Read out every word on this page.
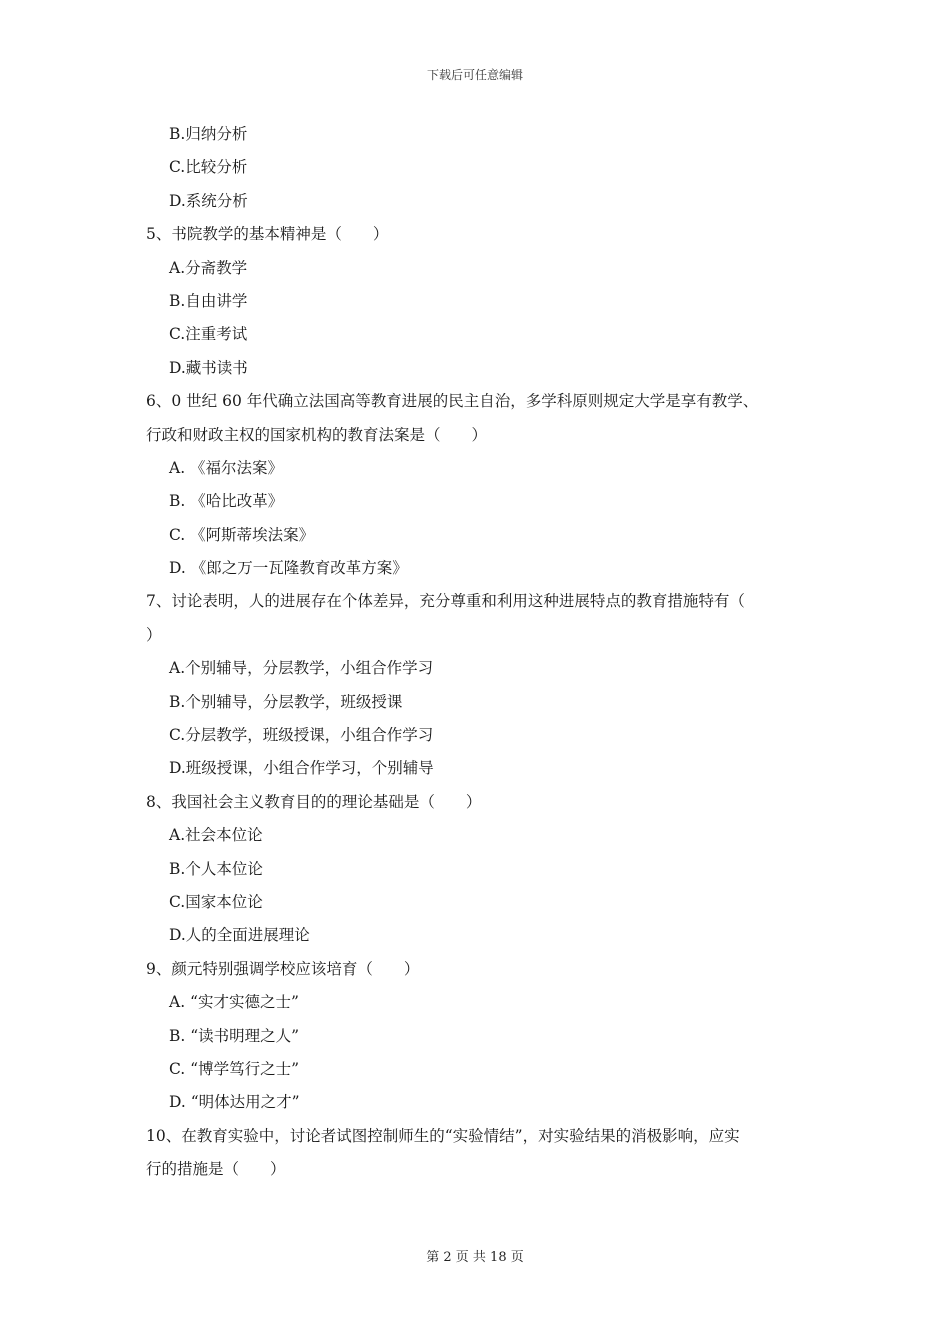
下载后可任意编辑
B.归纳分析
C.比较分析
D.系统分析
5、书院教学的基本精神是（　　）
A.分斋教学
B.自由讲学
C.注重考试
D.藏书读书
6、0 世纪 60 年代确立法国高等教育进展的民主自治，多学科原则规定大学是享有教学、
行政和财政主权的国家机构的教育法案是（　　）
A. 《福尔法案》
B. 《哈比改革》
C. 《阿斯蒂埃法案》
D. 《郎之万一瓦隆教育改革方案》
7、讨论表明，人的进展存在个体差异，充分尊重和利用这种进展特点的教育措施特有（
）
A.个别辅导，分层教学，小组合作学习
B.个别辅导，分层教学，班级授课
C.分层教学，班级授课，小组合作学习
D.班级授课，小组合作学习，个别辅导
8、我国社会主义教育目的的理论基础是（　　）
A.社会本位论
B.个人本位论
C.国家本位论
D.人的全面进展理论
9、颜元特别强调学校应该培育（　　）
A. “实才实德之士”
B. “读书明理之人”
C. “博学笃行之士”
D. “明体达用之才”
10、在教育实验中，讨论者试图控制师生的“实验情结”，对实验结果的消极影响，应实
行的措施是（　　）
第 2 页 共 18 页
